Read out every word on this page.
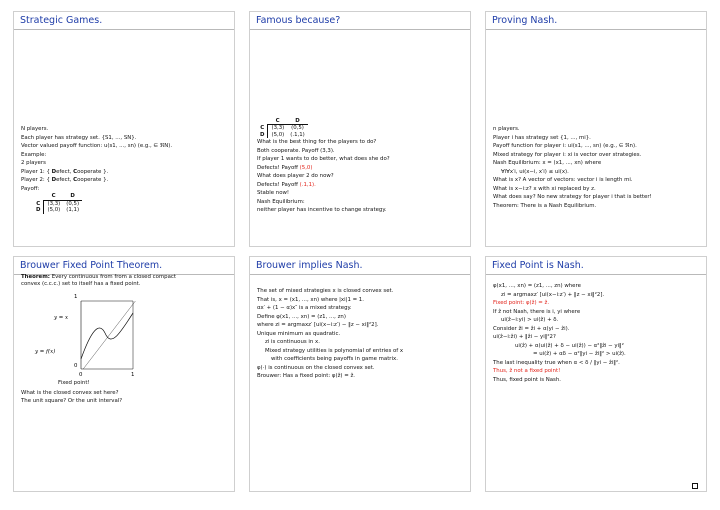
Strategic Games.
N players.
Each player has strategy set. {S1, ..., SN}.
Vector valued payoff function: u(s1, ..., sn) (e.g., ∈ ℜN).
Example:
2 players
Player 1: { Defect, Cooperate }.
Player 2: { Defect, Cooperate }.
Payoff:
	C	D
C	(3,3)	(0,5)
D	(5,0)	(1,1)
Famous because?
	C	D
C	(3,3)	(0,5)
D	(5,0)	(.1,1)
What is the best thing for the players to do?
Both cooperate. Payoff (3,3).
If player 1 wants to do better, what does she do?
Defects! Payoff (5,0)
What does player 2 do now?
Defects! Payoff (.1,1).
Stable now!
Nash Equilibrium:
neither player has incentive to change strategy.
Proving Nash.
n players.
Player i has strategy set {1, ..., mi}.
Payoff function for player i: ui(s1, ..., sn) (e.g., ∈ ℜn).
Mixed strategy for player i: xi is vector over strategies.
Nash Equilibrium: x = (x1, ..., xn) where
∀i∀x′i, ui(x−i, x′i) ≤ ui(x).
What is x? A vector of vectors: vector i is length mi.
What is x−i:z? x with xi replaced by z.
What does say? No new strategy for player i that is better!
Theorem: There is a Nash Equilibrium.
Brouwer Fixed Point Theorem.
Theorem: Every continuous from from a closed compact convex (c.c.c.) set to itself has a fixed point.
1
y = x
y = f(x)
0
0	1
Fixed point!
What is the closed convex set here?
The unit square? Or the unit interval?
Brouwer implies Nash.
The set of mixed strategies x is closed convex set.
That is, x = (x1, ..., xn) where |xi|1 = 1.
αx′ + (1 − α)x″ is a mixed strategy.
Define φ(x1, ..., xn) = (z1, ..., zn)
where zi = argmaxz′ [ui(x−i:z′) − ‖z − xi‖²2].
Unique minimum as quadratic.
zi is continuous in x.
Mixed strategy utilities is polynomial of entries of x
with coefficients being payoffs in game matrix.
φ(·) is continuous on the closed convex set.
Brouwer: Has a fixed point: φ(ẑ) = ẑ.
Fixed Point is Nash.
φ(x1, ..., xn) = (z1, ..., zn) where
zi = argmaxz′ [ui(x−i:z′) + ‖z − xi‖²2].
Fixed point: φ(ẑ) = ẑ.
If ẑ not Nash, there is i, yi where
ui(ẑ−i:yi) > ui(ẑ) + δ.
Consider ẑi = ẑi + α(yi − ẑi).
ui(ẑ−i:ẑi) + ‖ẑi − yi‖²2?
ui(ẑ) + α(ui(ẑ) + δ − ui(ẑ)) − α²‖ẑi − yi‖²
= ui(ẑ) + αδ − α²‖yi − ẑi‖² > ui(ẑ).
The last inequality true when α < δ / ‖yi − ẑi‖².
Thus, ẑ not a fixed point!
Thus, fixed point is Nash.
